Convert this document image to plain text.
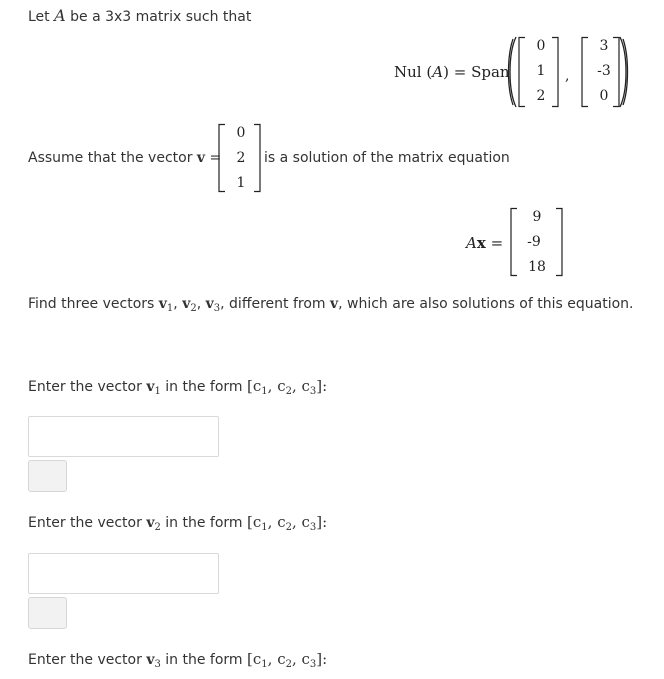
Let A be a 3x3 matrix such that
Nul (A) = Span
0
1
2
,
3
-3
0
Assume that the vector v =
0
2
1
is a solution of the matrix equation
Ax =
9
-9
18
Find three vectors $v_1$, $v_2$, $v_3$, different from v, which are also solutions of this equation.
Enter the vector $v_1$ in the form [$c_1$, $c_2$, $c_3$]:
Enter the vector $v_2$ in the form [$c_1$, $c_2$, $c_3$]:
Enter the vector $v_3$ in the form [$c_1$, $c_2$, $c_3$]:
